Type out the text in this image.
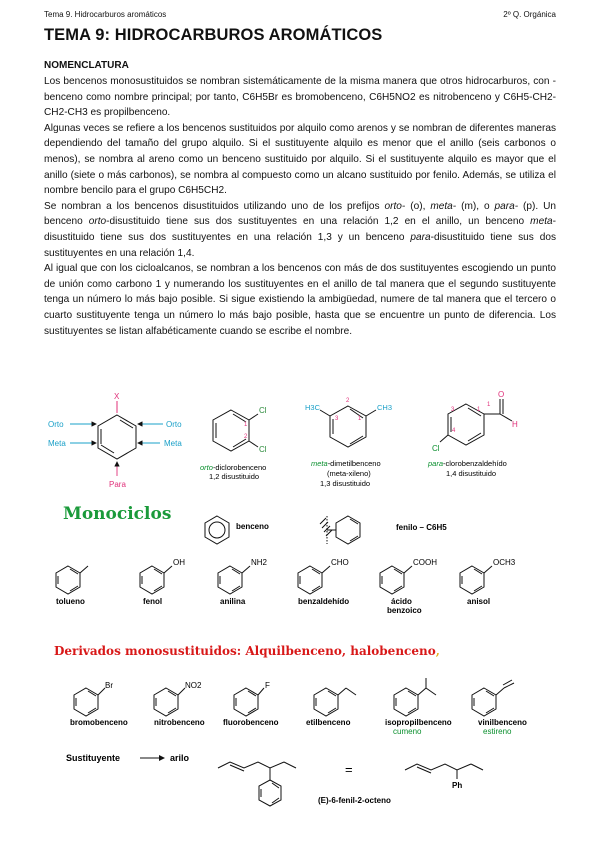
Tema 9. Hidrocarburos aromáticos	2º Q. Orgánica
TEMA 9: HIDROCARBUROS AROMÁTICOS
NOMENCLATURA

Los bencenos monosustituidos se nombran sistemáticamente de la misma manera que otros hidrocarburos, con -benceno como nombre principal; por tanto, C6H5Br es bromobenceno, C6H5NO2 es nitrobenceno y C6H5-CH2-CH2-CH3 es propilbenceno.

Algunas veces se refiere a los bencenos sustituidos por alquilo como arenos y se nombran de diferentes maneras dependiendo del tamaño del grupo alquilo. Si el sustituyente alquilo es menor que el anillo (seis carbonos o menos), se nombra al areno como un benceno sustituido por alquilo. Si el sustituyente alquilo es mayor que el anillo (siete o más carbonos), se nombra al compuesto como un alcano sustituido por fenilo. Además, se utiliza el nombre bencilo para el grupo C6H5CH2.

Se nombran a los bencenos disustituidos utilizando uno de los prefijos orto- (o), meta- (m), o para- (p). Un benceno orto-disustituido tiene sus dos sustituyentes en una relación 1,2 en el anillo, un benceno meta-disustituido tiene sus dos sustituyentes en una relación 1,3 y un benceno para-disustituido tiene sus dos sustituyentes en una relación 1,4.

Al igual que con los cicloalcanos, se nombran a los bencenos con más de dos sustituyentes escogiendo un punto de unión como carbono 1 y numerando los sustituyentes en el anillo de tal manera que el segundo sustituyente tenga un número lo más bajo posible. Si sigue existiendo la ambigüedad, numere de tal manera que el tercero o cuarto sustituyente tenga un número lo más bajo posible, hasta que se encuentre un punto de diferencia. Los sustituyentes se listan alfabéticamente cuando se escribe el nombre.

X
Orto	Orto
Meta	Meta
Para
Cl
Cl
1
2
orto-diclorobenceno
1,2 disustituido
H3C	CH3
2
3	1
meta-dimetilbenceno
(meta-xileno)
1,3 disustituido
O
H
Cl
3	1
1
4
para-clorobenzaldehído
1,4 disustituido
Monociclos
benceno	fenilo – C6H5
tolueno
OH
fenol
NH2
anilina
CHO
benzaldehído
COOH
ácido
benzoico
OCH3
anisol
Derivados monosustituidos: Alquilbenceno, halobenceno,
Br
bromobenceno
NO2
nitrobenceno
F
fluorobenceno	etilbenceno	isopropilbenceno
cumeno
vinilbenceno
estireno
Sustituyente	arilo
=
Ph
(E)-6-fenil-2-octeno
